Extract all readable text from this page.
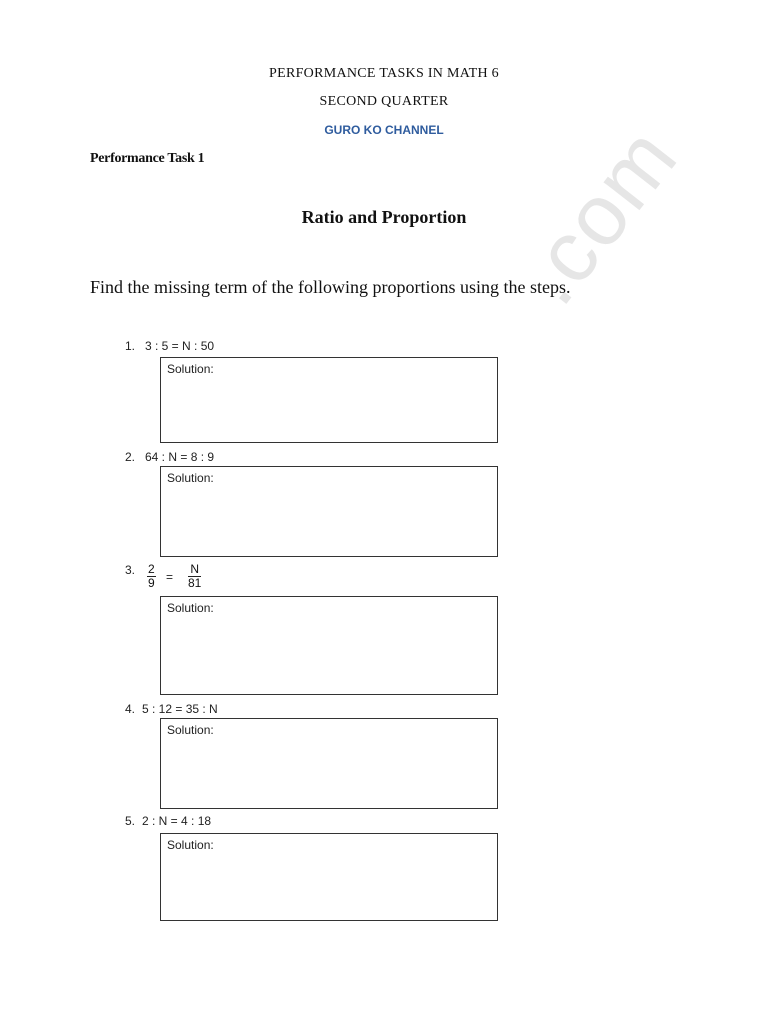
.com
PERFORMANCE TASKS IN MATH 6
SECOND QUARTER
GURO KO CHANNEL
Performance Task 1
Ratio and Proportion
Find the missing term of the following proportions using the steps.
1. 3 : 5 = N : 50
Solution:
2. 64 : N = 8 : 9
Solution:
3. $\frac{2}{9} = \frac{N}{81}$
Solution:
4. 5 : 12 = 35 : N
Solution:
5. 2 : N = 4 : 18
Solution:
